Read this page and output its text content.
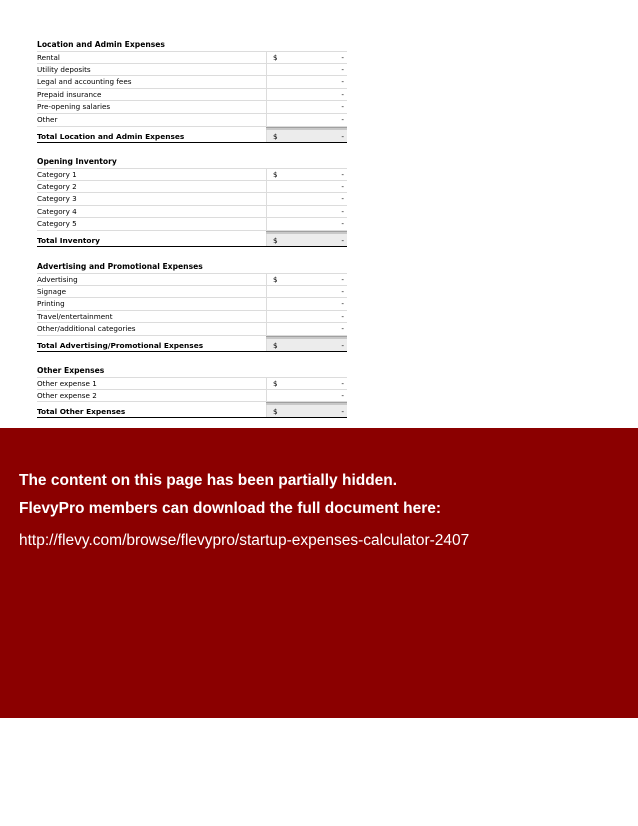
Location and Admin Expenses
Rental	$	-
Utility deposits	-
Legal and accounting fees	-
Prepaid insurance	-
Pre-opening salaries	-
Other	-
Total Location and Admin Expenses	$	-
Opening Inventory
Category 1	$	-
Category 2	-
Category 3	-
Category 4	-
Category 5	-
Total Inventory	$	-
Advertising and Promotional Expenses
Advertising	$	-
Signage	-
Printing	-
Travel/entertainment	-
Other/additional categories	-
Total Advertising/Promotional Expenses	$	-
Other Expenses
Other expense 1	$	-
Other expense 2	-
Total Other Expenses	$	-
The content on this page has been partially hidden.
FlevyPro members can download the full document here:
http://flevy.com/browse/flevypro/startup-expenses-calculator-2407
